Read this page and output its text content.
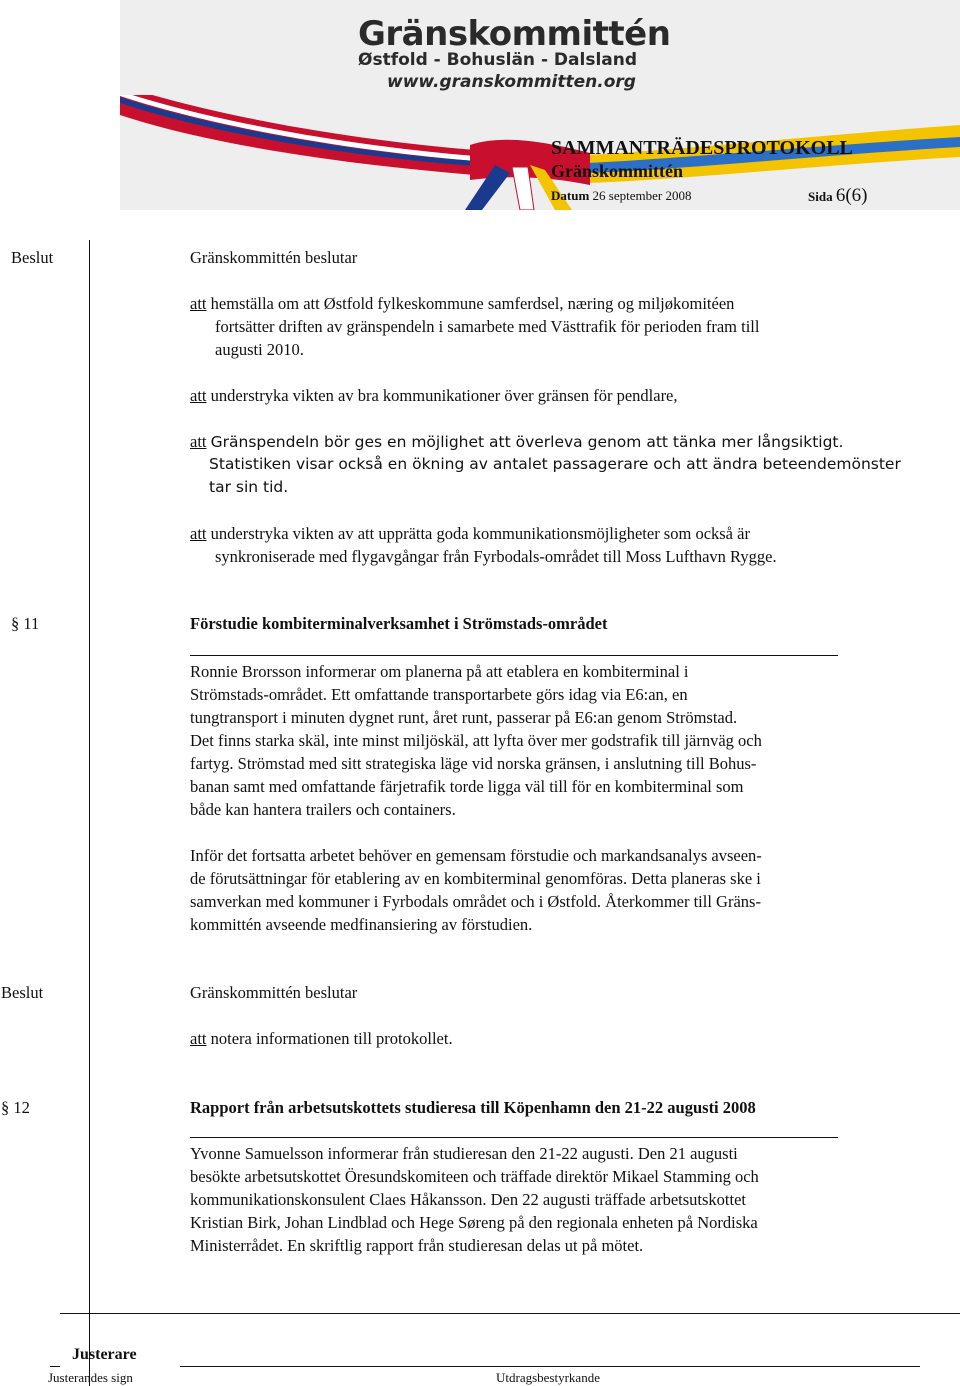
Gränskommittén
Østfold - Bohuslän - Dalsland
www.granskommitten.org
SAMMANTRÄDESPROTOKOLL
Gränskommittén
Datum 26 september 2008	Sida 6(6)
Beslut	Gränskommittén beslutar
att hemställa om att Østfold fylkeskommune samferdsel, næring og miljøkomitéen
fortsätter driften av gränspendeln i samarbete med Västtrafik för perioden fram till
augusti 2010.
att understryka vikten av bra kommunikationer över gränsen för pendlare,
att Gränspendeln bör ges en möjlighet att överleva genom att tänka mer långsiktigt.
Statistiken visar också en ökning av antalet passagerare och att ändra beteendemönster
tar sin tid.
att understryka vikten av att upprätta goda kommunikationsmöjligheter som också är
synkroniserade med flygavgångar från Fyrbodals-området till Moss Lufthavn Rygge.
§ 11	Förstudie kombiterminalverksamhet i Strömstads-området
Ronnie Brorsson informerar om planerna på att etablera en kombiterminal i
Strömstads-området. Ett omfattande transportarbete görs idag via E6:an, en
tungtransport i minuten dygnet runt, året runt, passerar på E6:an genom Strömstad.
Det finns starka skäl, inte minst miljöskäl, att lyfta över mer godstrafik till järnväg och
fartyg. Strömstad med sitt strategiska läge vid norska gränsen, i anslutning till Bohus-
banan samt med omfattande färjetrafik torde ligga väl till för en kombiterminal som
både kan hantera trailers och containers.
Inför det fortsatta arbetet behöver en gemensam förstudie och markandsanalys avseen-
de förutsättningar för etablering av en kombiterminal genomföras. Detta planeras ske i
samverkan med kommuner i Fyrbodals området och i Østfold. Återkommer till Gräns-
kommittén avseende medfinansiering av förstudien.
Beslut	Gränskommittén beslutar
att notera informationen till protokollet.
§ 12	Rapport från arbetsutskottets studieresa till Köpenhamn den 21-22 augusti 2008
Yvonne Samuelsson informerar från studieresan den 21-22 augusti. Den 21 augusti
besökte arbetsutskottet Öresundskomiteen och träffade direktör Mikael Stamming och
kommunikationskonsulent Claes Håkansson. Den 22 augusti träffade arbetsutskottet
Kristian Birk, Johan Lindblad och Hege Søreng på den regionala enheten på Nordiska
Ministerrådet. En skriftlig rapport från studieresan delas ut på mötet.
Justerare
Justerandes sign	Utdragsbestyrkande
